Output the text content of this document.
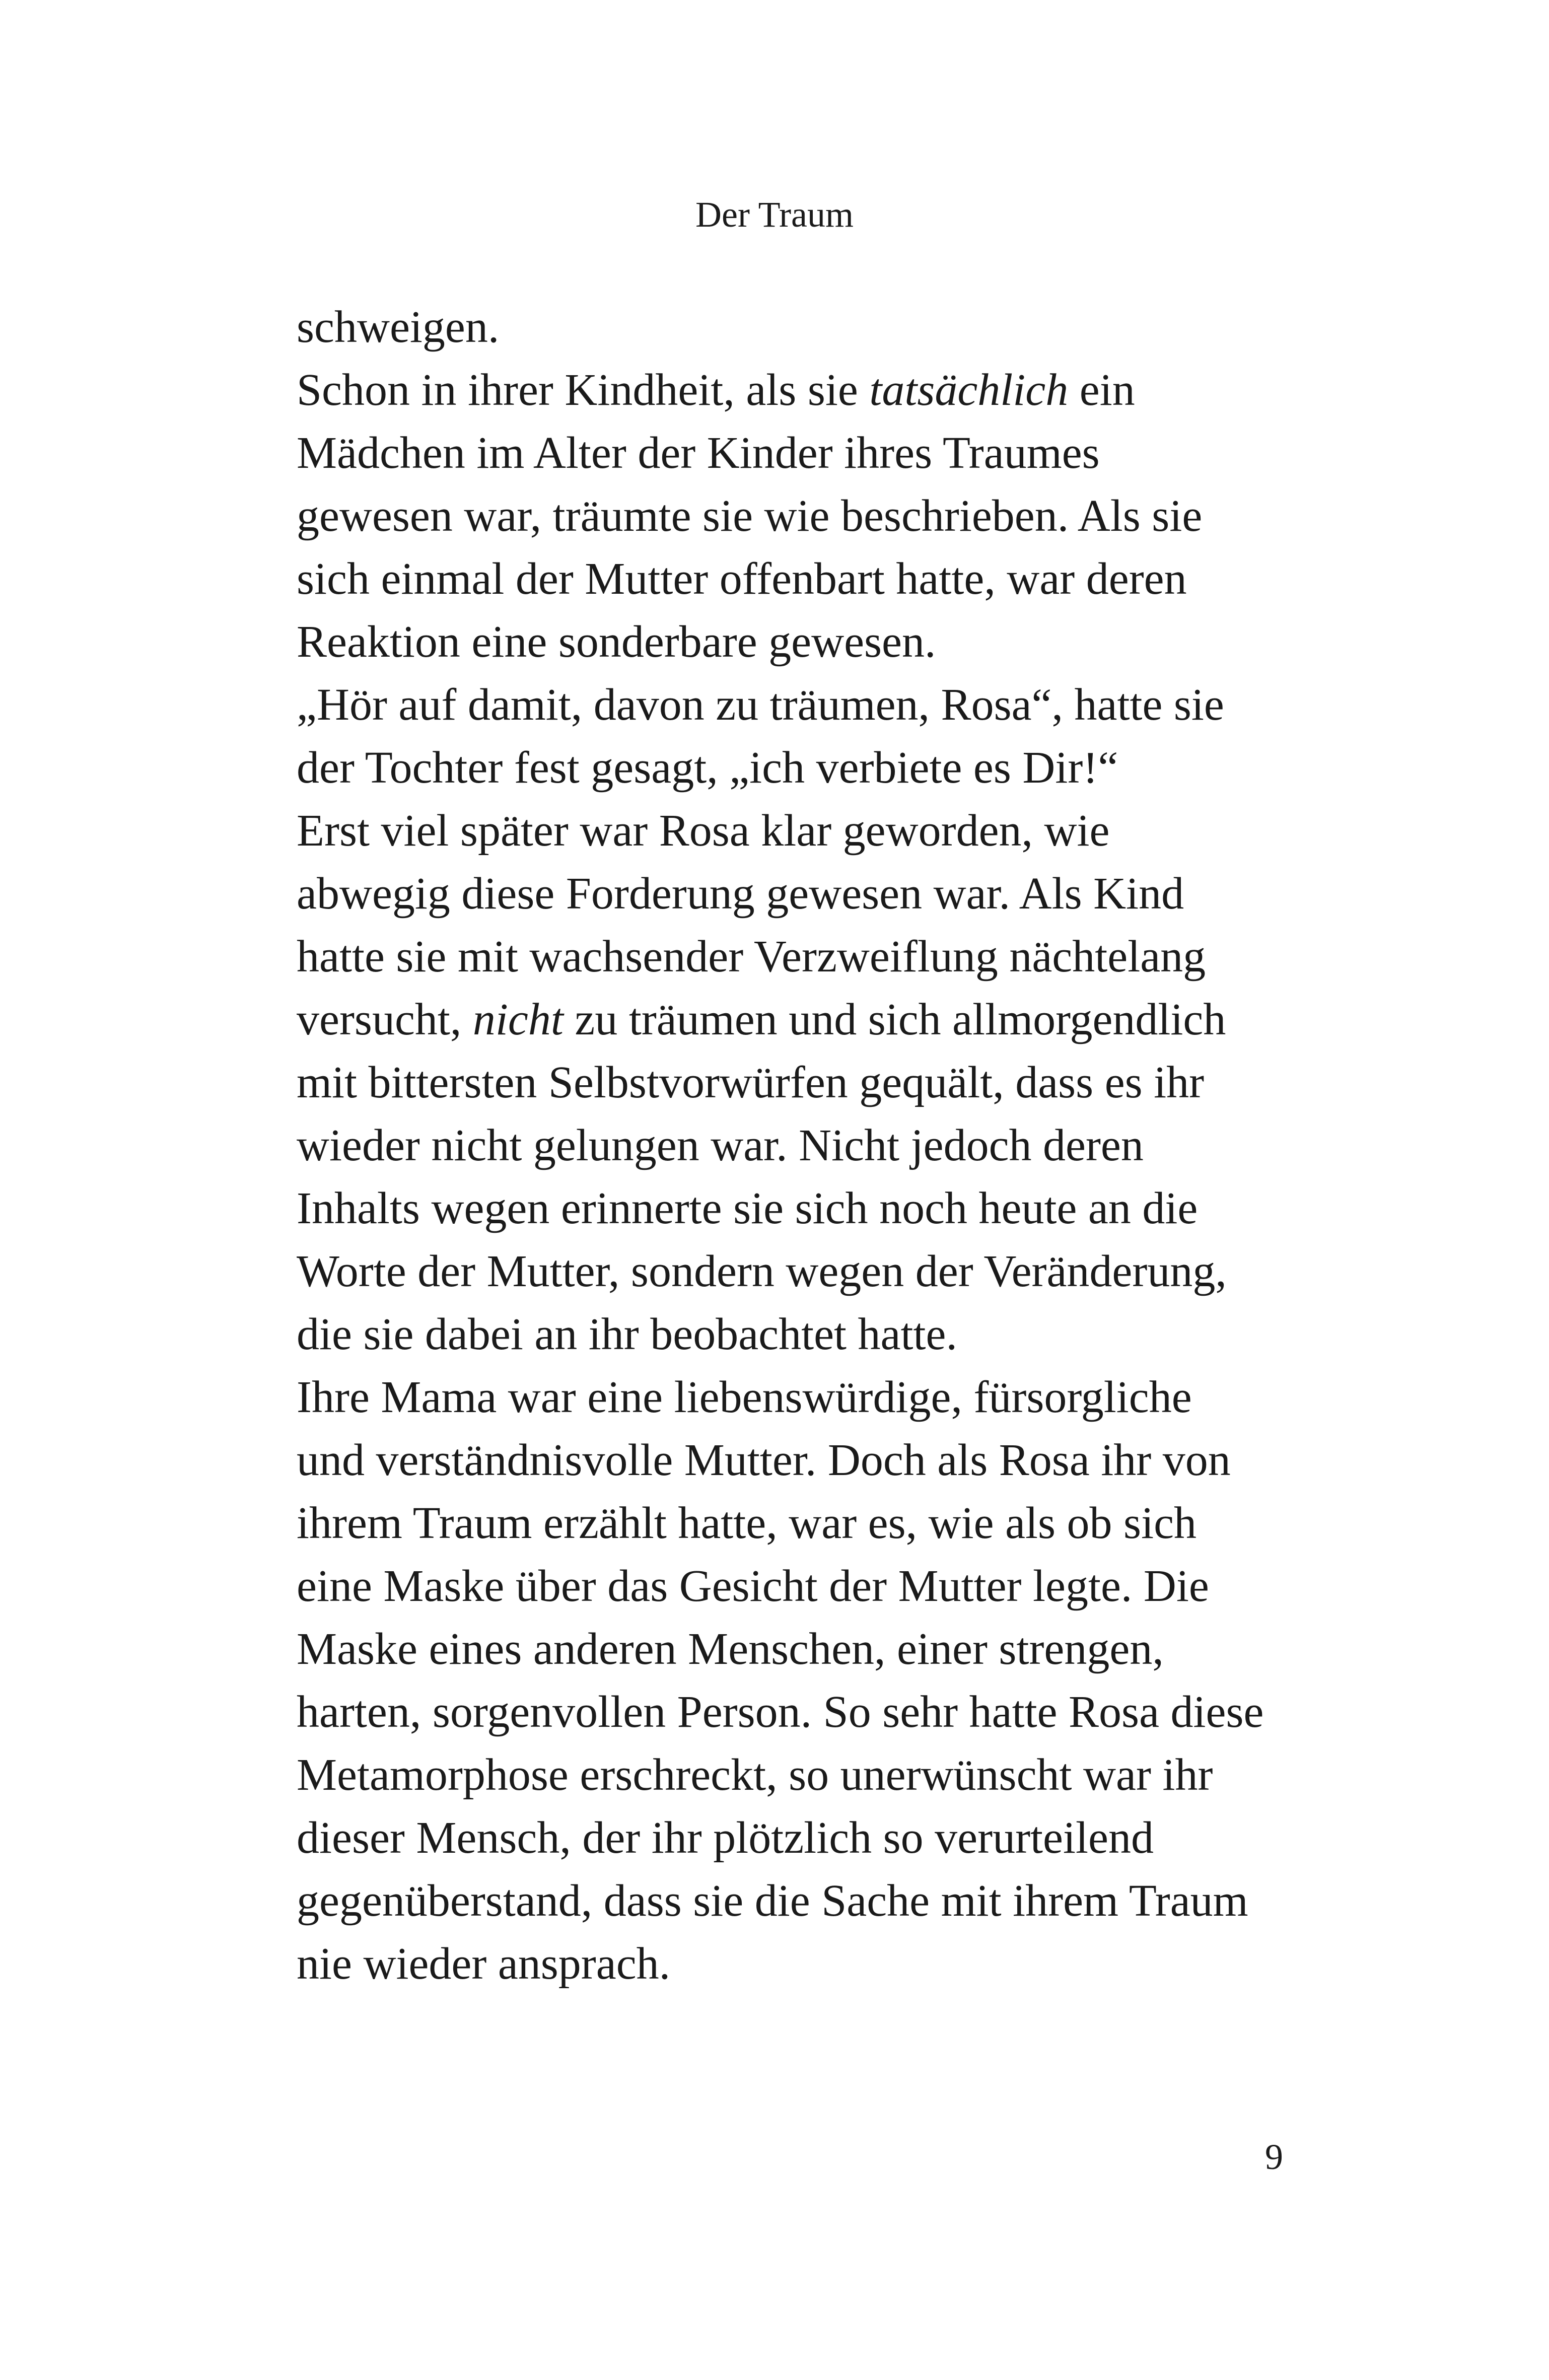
Der Traum
schweigen.
Schon in ihrer Kindheit, als sie tatsächlich ein
Mädchen im Alter der Kinder ihres Traumes
gewesen war, träumte sie wie beschrieben. Als sie
sich einmal der Mutter offenbart hatte, war deren
Reaktion eine sonderbare gewesen.
„Hör auf damit, davon zu träumen, Rosa“, hatte sie
der Tochter fest gesagt, „ich verbiete es Dir!“
Erst viel später war Rosa klar geworden, wie
abwegig diese Forderung gewesen war. Als Kind
hatte sie mit wachsender Verzweiflung nächtelang
versucht, nicht zu träumen und sich allmorgendlich
mit bittersten Selbstvorwürfen gequält, dass es ihr
wieder nicht gelungen war. Nicht jedoch deren
Inhalts wegen erinnerte sie sich noch heute an die
Worte der Mutter, sondern wegen der Veränderung,
die sie dabei an ihr beobachtet hatte.
Ihre Mama war eine liebenswürdige, fürsorgliche
und verständnisvolle Mutter. Doch als Rosa ihr von
ihrem Traum erzählt hatte, war es, wie als ob sich
eine Maske über das Gesicht der Mutter legte. Die
Maske eines anderen Menschen, einer strengen,
harten, sorgenvollen Person. So sehr hatte Rosa diese
Metamorphose erschreckt, so unerwünscht war ihr
dieser Mensch, der ihr plötzlich so verurteilend
gegenüberstand, dass sie die Sache mit ihrem Traum
nie wieder ansprach.
9
